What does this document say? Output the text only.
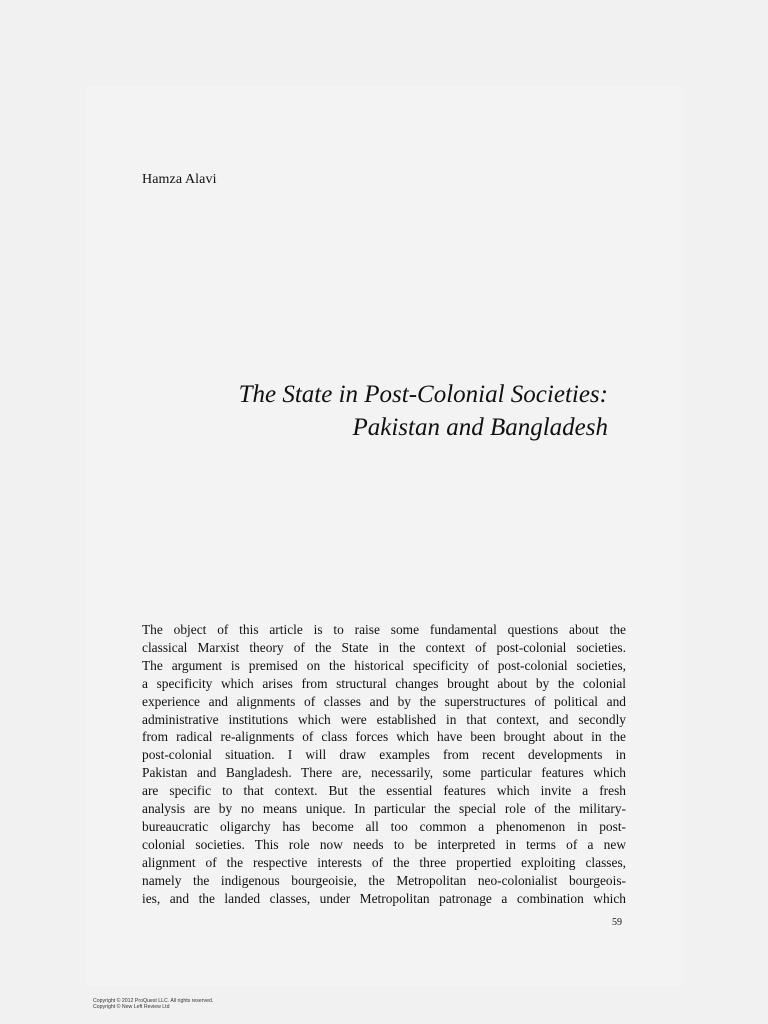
Hamza Alavi
The State in Post-Colonial Societies:
Pakistan and Bangladesh
The object of this article is to raise some fundamental questions about the
classical Marxist theory of the State in the context of post-colonial societies.
The argument is premised on the historical specificity of post-colonial societies,
a specificity which arises from structural changes brought about by the colonial
experience and alignments of classes and by the superstructures of political and
administrative institutions which were established in that context, and secondly
from radical re-alignments of class forces which have been brought about in the
post-colonial situation. I will draw examples from recent developments in
Pakistan and Bangladesh. There are, necessarily, some particular features which
are specific to that context. But the essential features which invite a fresh
analysis are by no means unique. In particular the special role of the military-
bureaucratic oligarchy has become all too common a phenomenon in post-
colonial societies. This role now needs to be interpreted in terms of a new
alignment of the respective interests of the three propertied exploiting classes,
namely the indigenous bourgeoisie, the Metropolitan neo-colonialist bourgeois-
ies, and the landed classes, under Metropolitan patronage a combination which
59
Copyright © 2012 ProQuest LLC. All rights reserved.
Copyright © New Left Review Ltd
